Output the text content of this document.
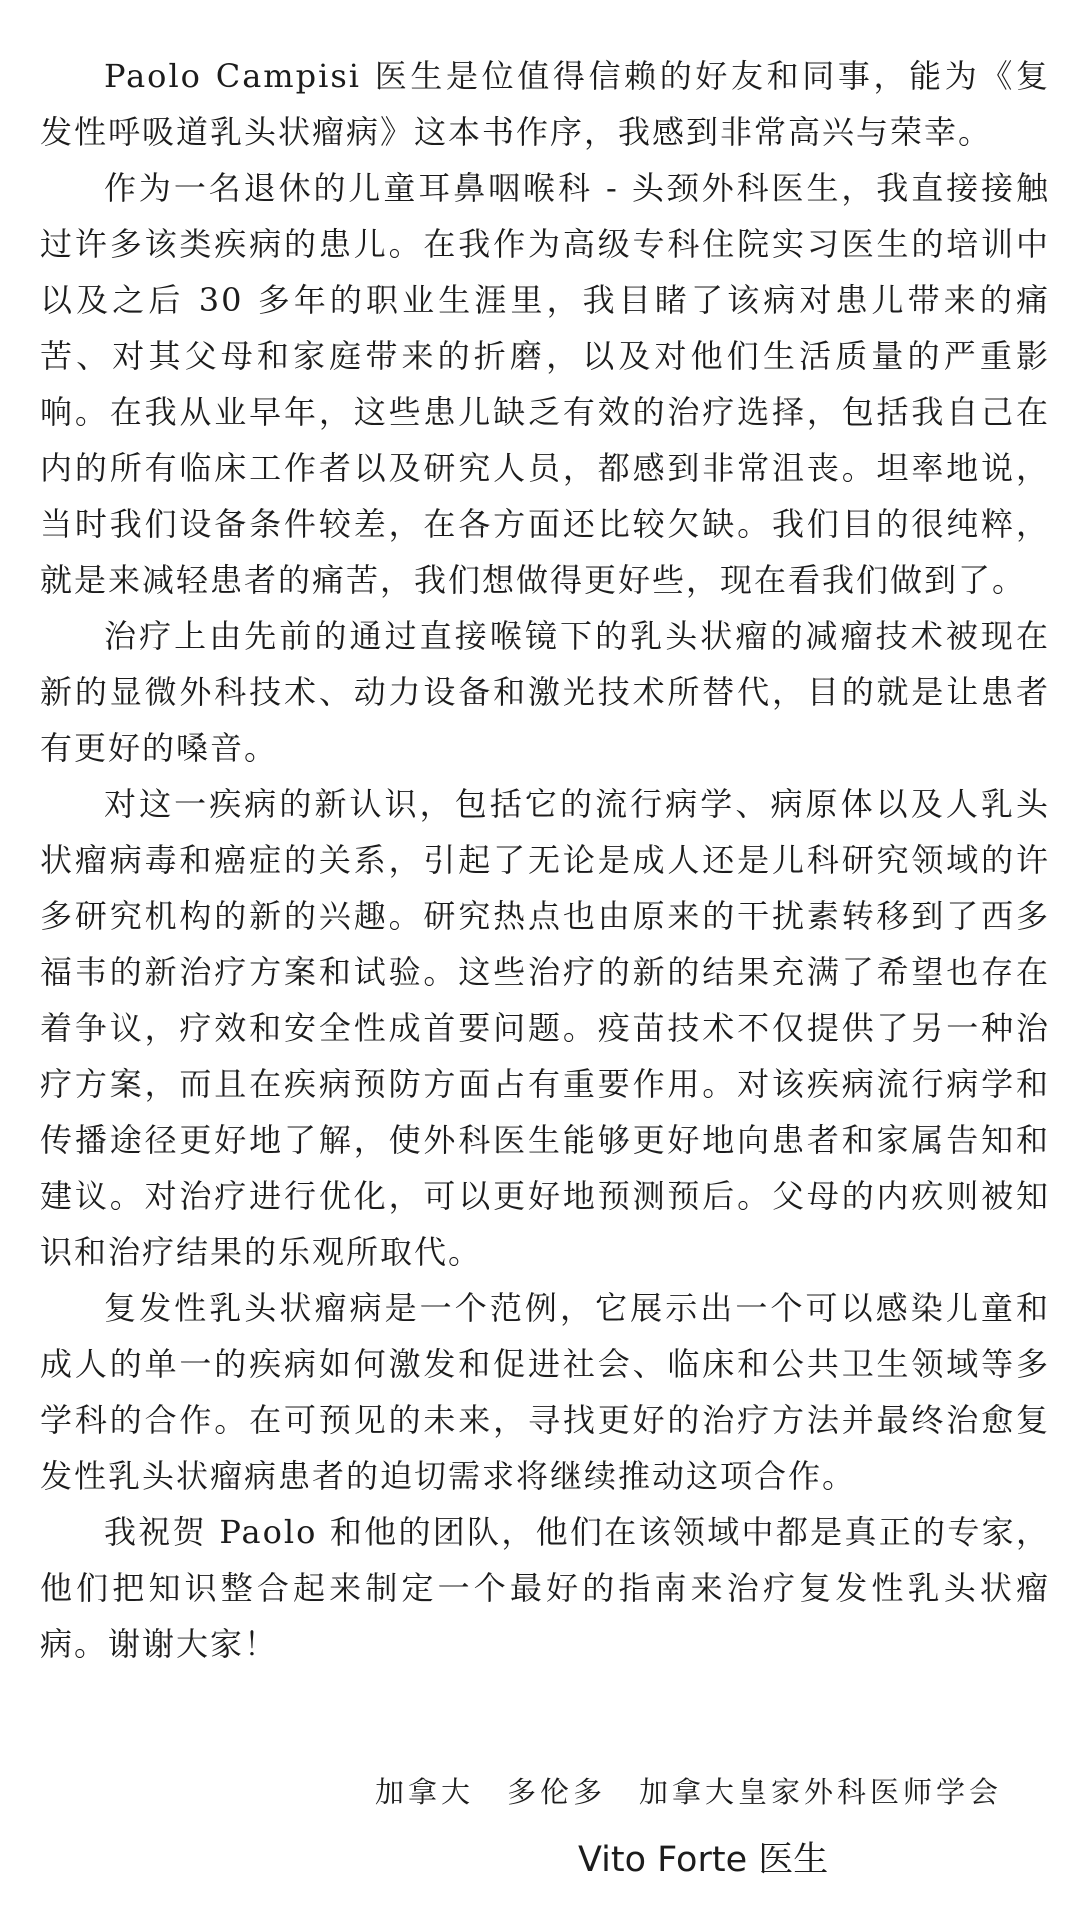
Paolo Campisi 医生是位值得信赖的好友和同事，能为《复发性呼吸道乳头状瘤病》这本书作序，我感到非常高兴与荣幸。

作为一名退休的儿童耳鼻咽喉科 - 头颈外科医生，我直接接触过许多该类疾病的患儿。在我作为高级专科住院实习医生的培训中以及之后 30 多年的职业生涯里，我目睹了该病对患儿带来的痛苦、对其父母和家庭带来的折磨，以及对他们生活质量的严重影响。在我从业早年，这些患儿缺乏有效的治疗选择，包括我自己在内的所有临床工作者以及研究人员，都感到非常沮丧。坦率地说，当时我们设备条件较差，在各方面还比较欠缺。我们目的很纯粹，就是来减轻患者的痛苦，我们想做得更好些，现在看我们做到了。

治疗上由先前的通过直接喉镜下的乳头状瘤的减瘤技术被现在新的显微外科技术、动力设备和激光技术所替代，目的就是让患者有更好的嗓音。

对这一疾病的新认识，包括它的流行病学、病原体以及人乳头状瘤病毒和癌症的关系，引起了无论是成人还是儿科研究领域的许多研究机构的新的兴趣。研究热点也由原来的干扰素转移到了西多福韦的新治疗方案和试验。这些治疗的新的结果充满了希望也存在着争议，疗效和安全性成首要问题。疫苗技术不仅提供了另一种治疗方案，而且在疾病预防方面占有重要作用。对该疾病流行病学和传播途径更好地了解，使外科医生能够更好地向患者和家属告知和建议。对治疗进行优化，可以更好地预测预后。父母的内疚则被知识和治疗结果的乐观所取代。

复发性乳头状瘤病是一个范例，它展示出一个可以感染儿童和成人的单一的疾病如何激发和促进社会、临床和公共卫生领域等多学科的合作。在可预见的未来，寻找更好的治疗方法并最终治愈复发性乳头状瘤病患者的迫切需求将继续推动这项合作。

我祝贺 Paolo 和他的团队，他们在该领域中都是真正的专家，他们把知识整合起来制定一个最好的指南来治疗复发性乳头状瘤病。谢谢大家！

加拿大　多伦多　加拿大皇家外科医师学会
Vito Forte 医生
